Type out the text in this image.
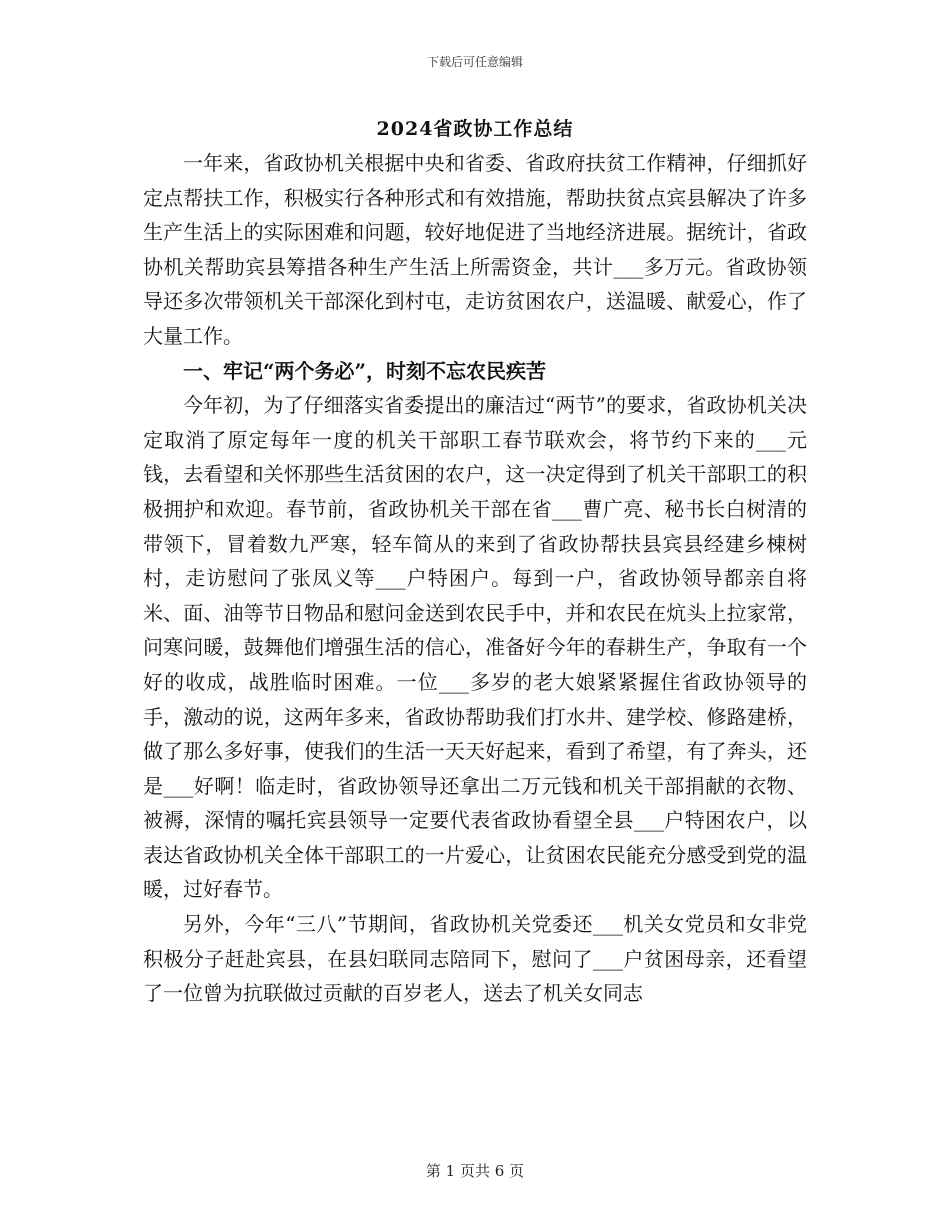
下载后可任意编辑
2024省政协工作总结

一年来，省政协机关根据中央和省委、省政府扶贫工作精神，仔细抓好定点帮扶工作，积极实行各种形式和有效措施，帮助扶贫点宾县解决了许多生产生活上的实际困难和问题，较好地促进了当地经济进展。据统计，省政协机关帮助宾县筹措各种生产生活上所需资金，共计___多万元。省政协领导还多次带领机关干部深化到村屯，走访贫困农户，送温暖、献爱心，作了大量工作。

一、牢记“两个务必”，时刻不忘农民疾苦

今年初，为了仔细落实省委提出的廉洁过“两节”的要求，省政协机关决定取消了原定每年一度的机关干部职工春节联欢会，将节约下来的___元钱，去看望和关怀那些生活贫困的农户，这一决定得到了机关干部职工的积极拥护和欢迎。春节前，省政协机关干部在省___曹广亮、秘书长白树清的带领下，冒着数九严寒，轻车简从的来到了省政协帮扶县宾县经建乡棟树村，走访慰问了张凤义等___户特困户。每到一户，省政协领导都亲自将米、面、油等节日物品和慰问金送到农民手中，并和农民在炕头上拉家常，问寒问暖，鼓舞他们增强生活的信心，准备好今年的春耕生产，争取有一个好的收成，战胜临时困难。一位___多岁的老大娘紧紧握住省政协领导的手，激动的说，这两年多来，省政协帮助我们打水井、建学校、修路建桥，做了那么多好事，使我们的生活一天天好起来，看到了希望，有了奔头，还是___好啊！临走时，省政协领导还拿出二万元钱和机关干部捐献的衣物、被褥，深情的嘱托宾县领导一定要代表省政协看望全县___户特困农户，以表达省政协机关全体干部职工的一片爱心，让贫困农民能充分感受到党的温暖，过好春节。

另外，今年“三八”节期间，省政协机关党委还___机关女党员和女非党积极分子赶赴宾县，在县妇联同志陪同下，慰问了___户贫困母亲，还看望了一位曾为抗联做过贡献的百岁老人，送去了机关女同志

第 1 页共 6 页
